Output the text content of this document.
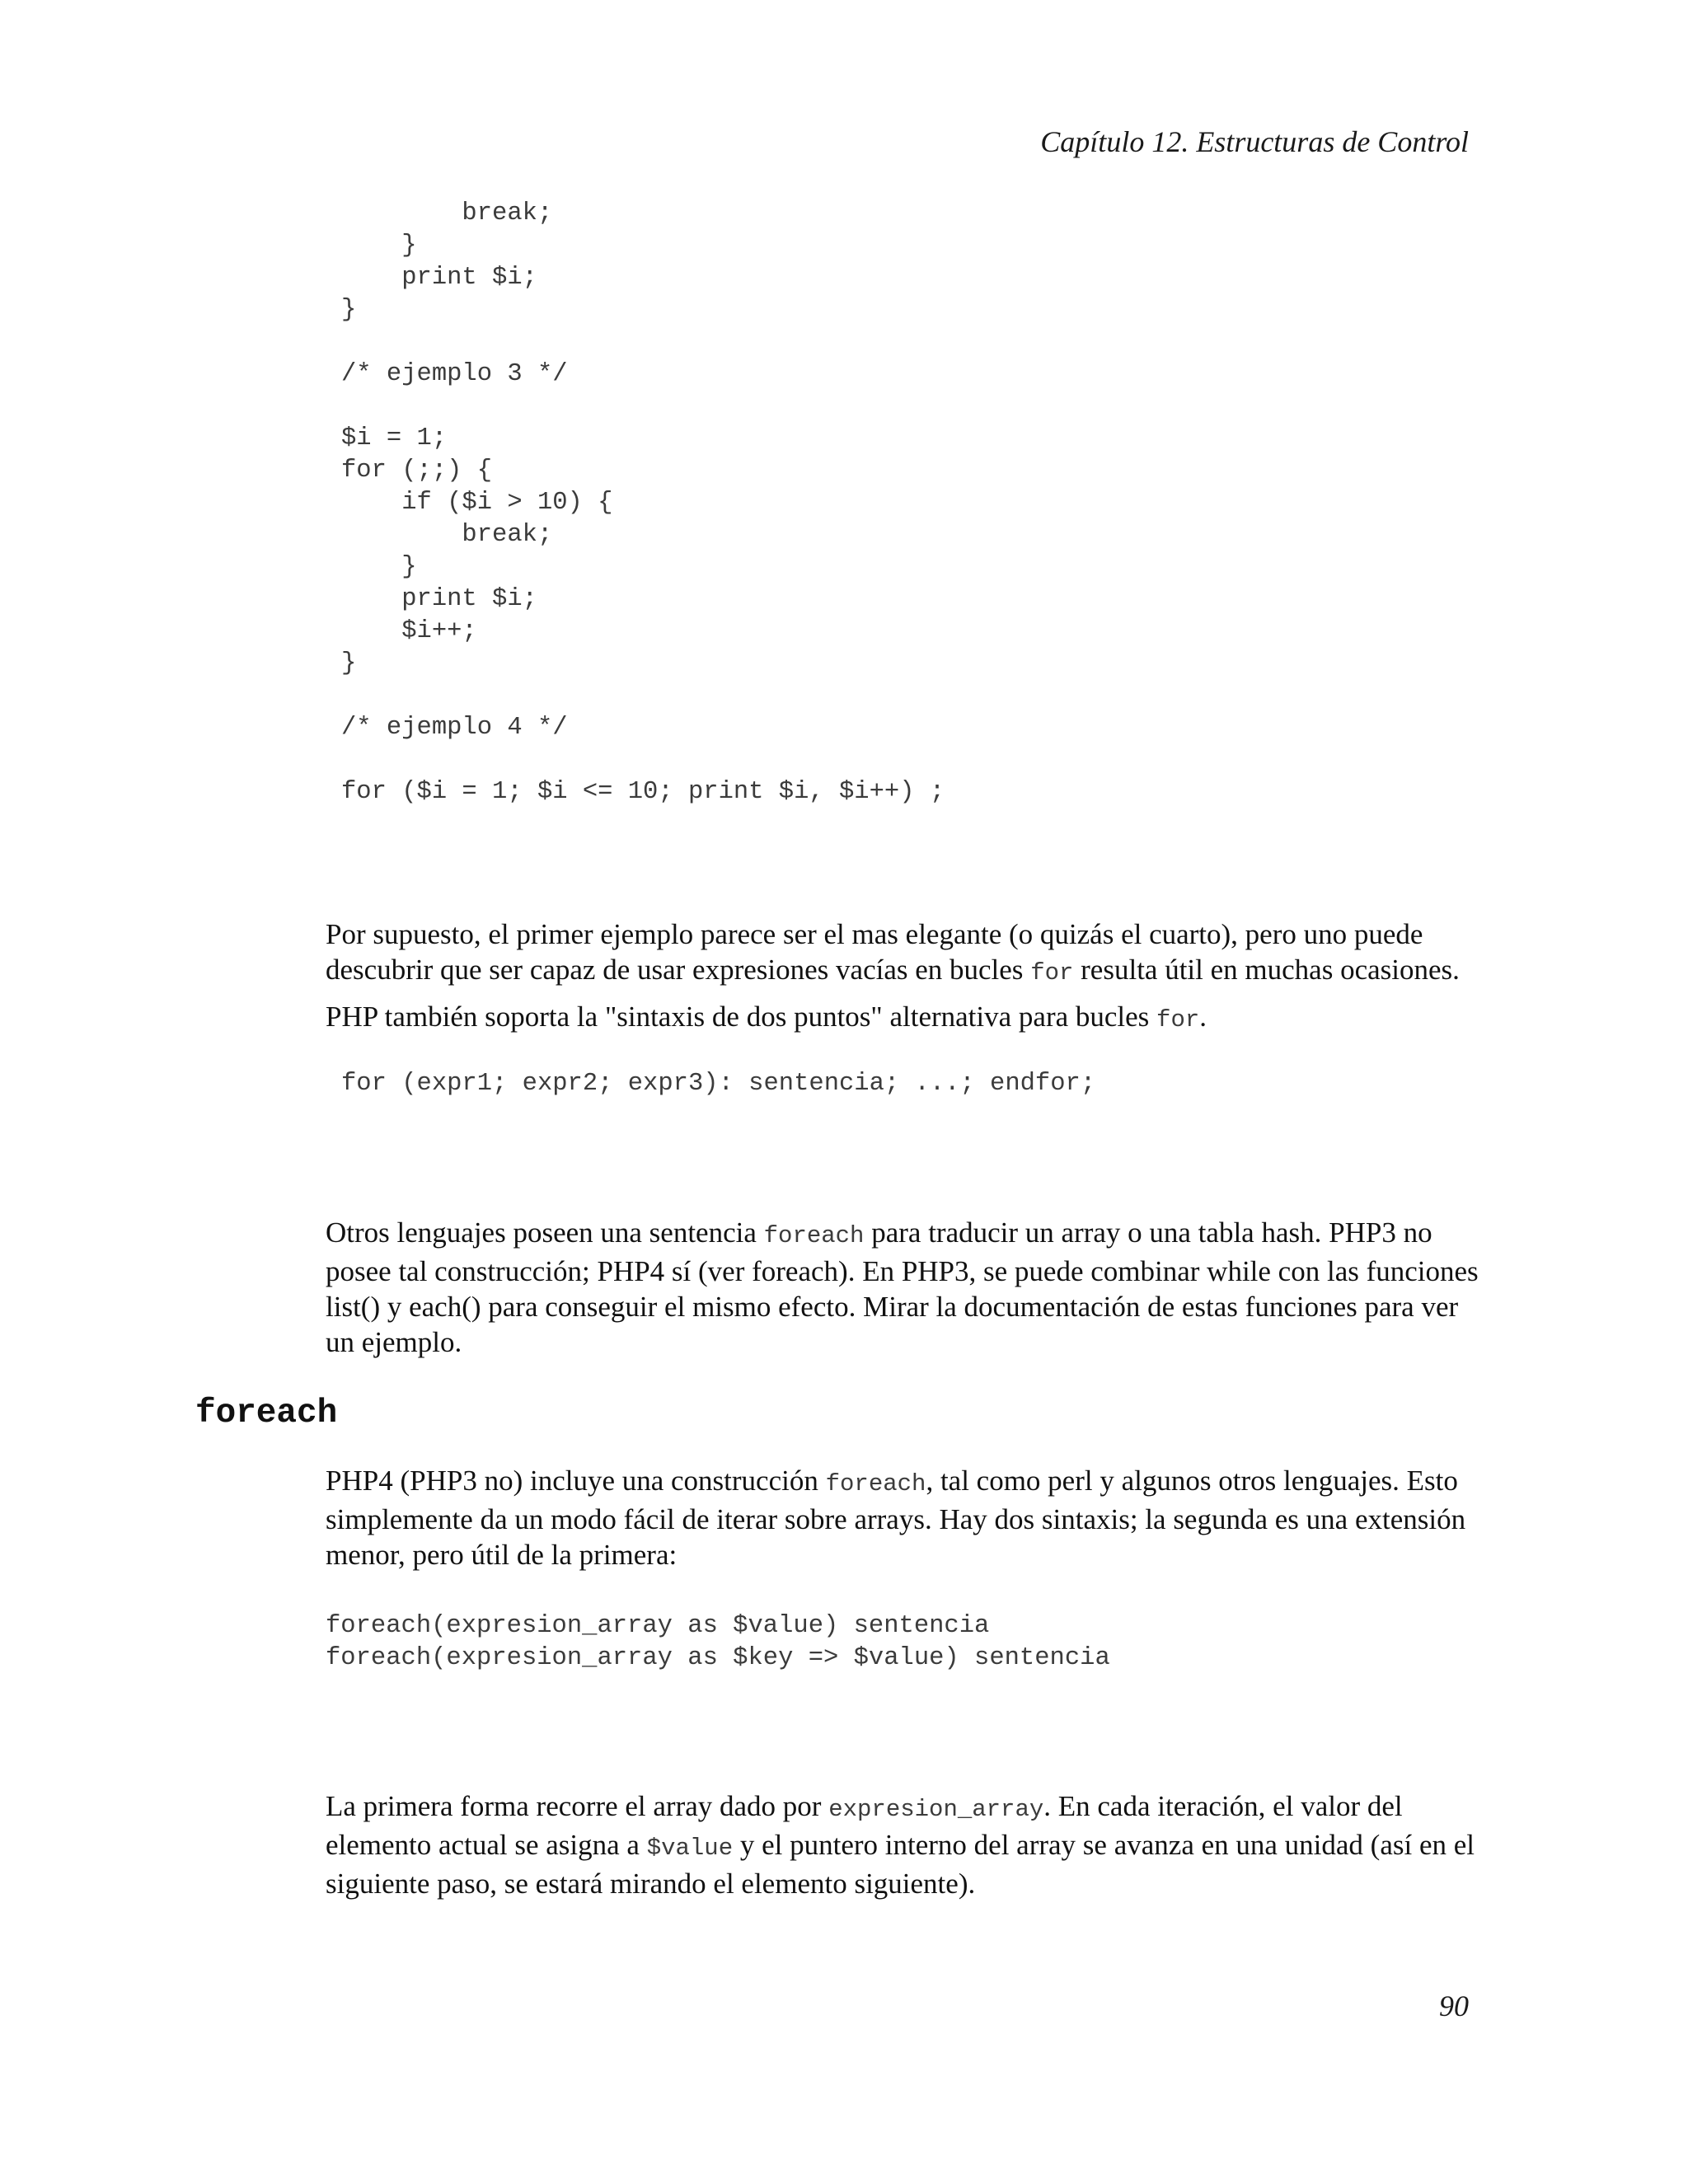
Capítulo 12. Estructuras de Control
break;
}
print $i;
}

/* ejemplo 3 */

$i = 1;
for (;;) {
if ($i > 10) {
break;
}
print $i;
$i++;
}

/* ejemplo 4 */

for ($i = 1; $i <= 10; print $i, $i++) ;

Por supuesto, el primer ejemplo parece ser el mas elegante (o quizás el cuarto), pero uno puede descubrir que ser capaz de usar expresiones vacías en bucles for resulta útil en muchas ocasiones.

PHP también soporta la "sintaxis de dos puntos" alternativa para bucles for.

for (expr1; expr2; expr3): sentencia; ...; endfor;

Otros lenguajes poseen una sentencia foreach para traducir un array o una tabla hash. PHP3 no posee tal construcción; PHP4 sí (ver foreach). En PHP3, se puede combinar while con las funciones list() y each() para conseguir el mismo efecto. Mirar la documentación de estas funciones para ver un ejemplo.

foreach

PHP4 (PHP3 no) incluye una construcción foreach, tal como perl y algunos otros lenguajes. Esto simplemente da un modo fácil de iterar sobre arrays. Hay dos sintaxis; la segunda es una extensión menor, pero útil de la primera:

foreach(expresion_array as $value) sentencia
foreach(expresion_array as $key => $value) sentencia

La primera forma recorre el array dado por expresion_array. En cada iteración, el valor del elemento actual se asigna a $value y el puntero interno del array se avanza en una unidad (así en el siguiente paso, se estará mirando el elemento siguiente).

90
